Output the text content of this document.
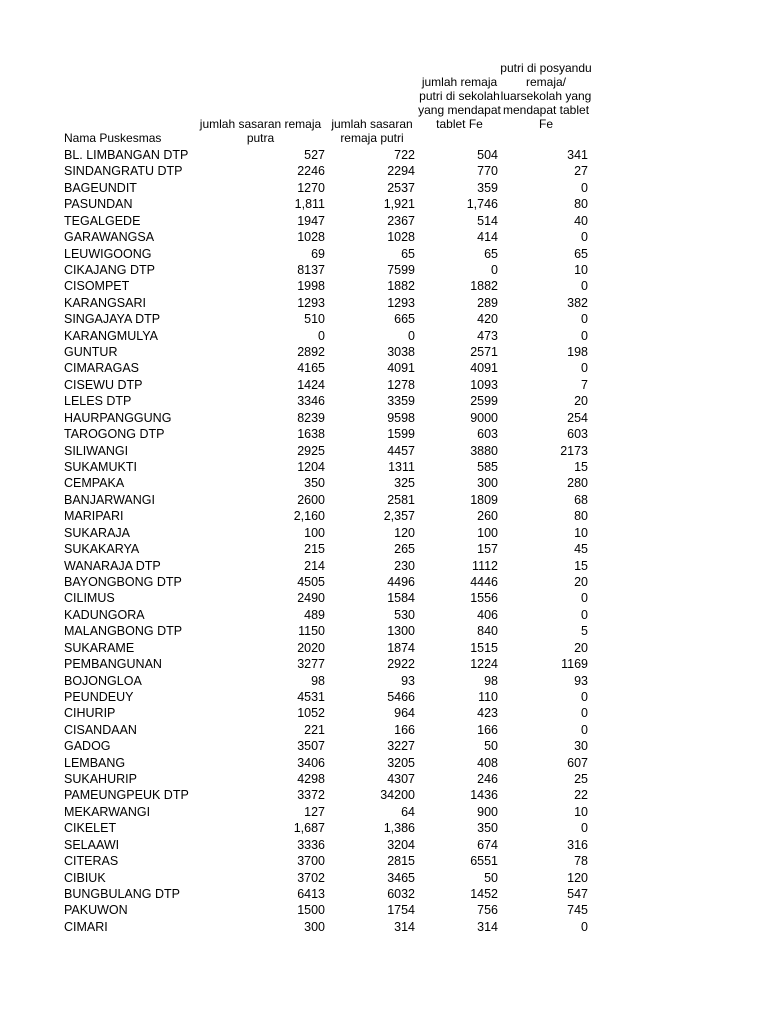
Nama Puskesmas
jumlah sasaran remaja putra
jumlah sasaran remaja putri
jumlah remaja putri di sekolah yang mendapat tablet Fe
putri di posyandu remaja/ luarsekolah yang mendapat tablet Fe
BL. LIMBANGAN DTP	527	722	504	341
SINDANGRATU DTP	2246	2294	770	27
BAGEUNDIT	1270	2537	359	0
PASUNDAN	1,811	1,921	1,746	80
TEGALGEDE	1947	2367	514	40
GARAWANGSA	1028	1028	414	0
LEUWIGOONG	69	65	65	65
CIKAJANG DTP	8137	7599	0	10
CISOMPET	1998	1882	1882	0
KARANGSARI	1293	1293	289	382
SINGAJAYA DTP	510	665	420	0
KARANGMULYA	0	0	473	0
GUNTUR	2892	3038	2571	198
CIMARAGAS	4165	4091	4091	0
CISEWU DTP	1424	1278	1093	7
LELES DTP	3346	3359	2599	20
HAURPANGGUNG	8239	9598	9000	254
TAROGONG DTP	1638	1599	603	603
SILIWANGI	2925	4457	3880	2173
SUKAMUKTI	1204	1311	585	15
CEMPAKA	350	325	300	280
BANJARWANGI	2600	2581	1809	68
MARIPARI	2,160	2,357	260	80
SUKARAJA	100	120	100	10
SUKAKARYA	215	265	157	45
WANARAJA DTP	214	230	1112	15
BAYONGBONG DTP	4505	4496	4446	20
CILIMUS	2490	1584	1556	0
KADUNGORA	489	530	406	0
MALANGBONG DTP	1150	1300	840	5
SUKARAME	2020	1874	1515	20
PEMBANGUNAN	3277	2922	1224	1169
BOJONGLOA	98	93	98	93
PEUNDEUY	4531	5466	110	0
CIHURIP	1052	964	423	0
CISANDAAN	221	166	166	0
GADOG	3507	3227	50	30
LEMBANG	3406	3205	408	607
SUKAHURIP	4298	4307	246	25
PAMEUNGPEUK DTP	3372	34200	1436	22
MEKARWANGI	127	64	900	10
CIKELET	1,687	1,386	350	0
SELAAWI	3336	3204	674	316
CITERAS	3700	2815	6551	78
CIBIUK	3702	3465	50	120
BUNGBULANG DTP	6413	6032	1452	547
PAKUWON	1500	1754	756	745
CIMARI	300	314	314	0
